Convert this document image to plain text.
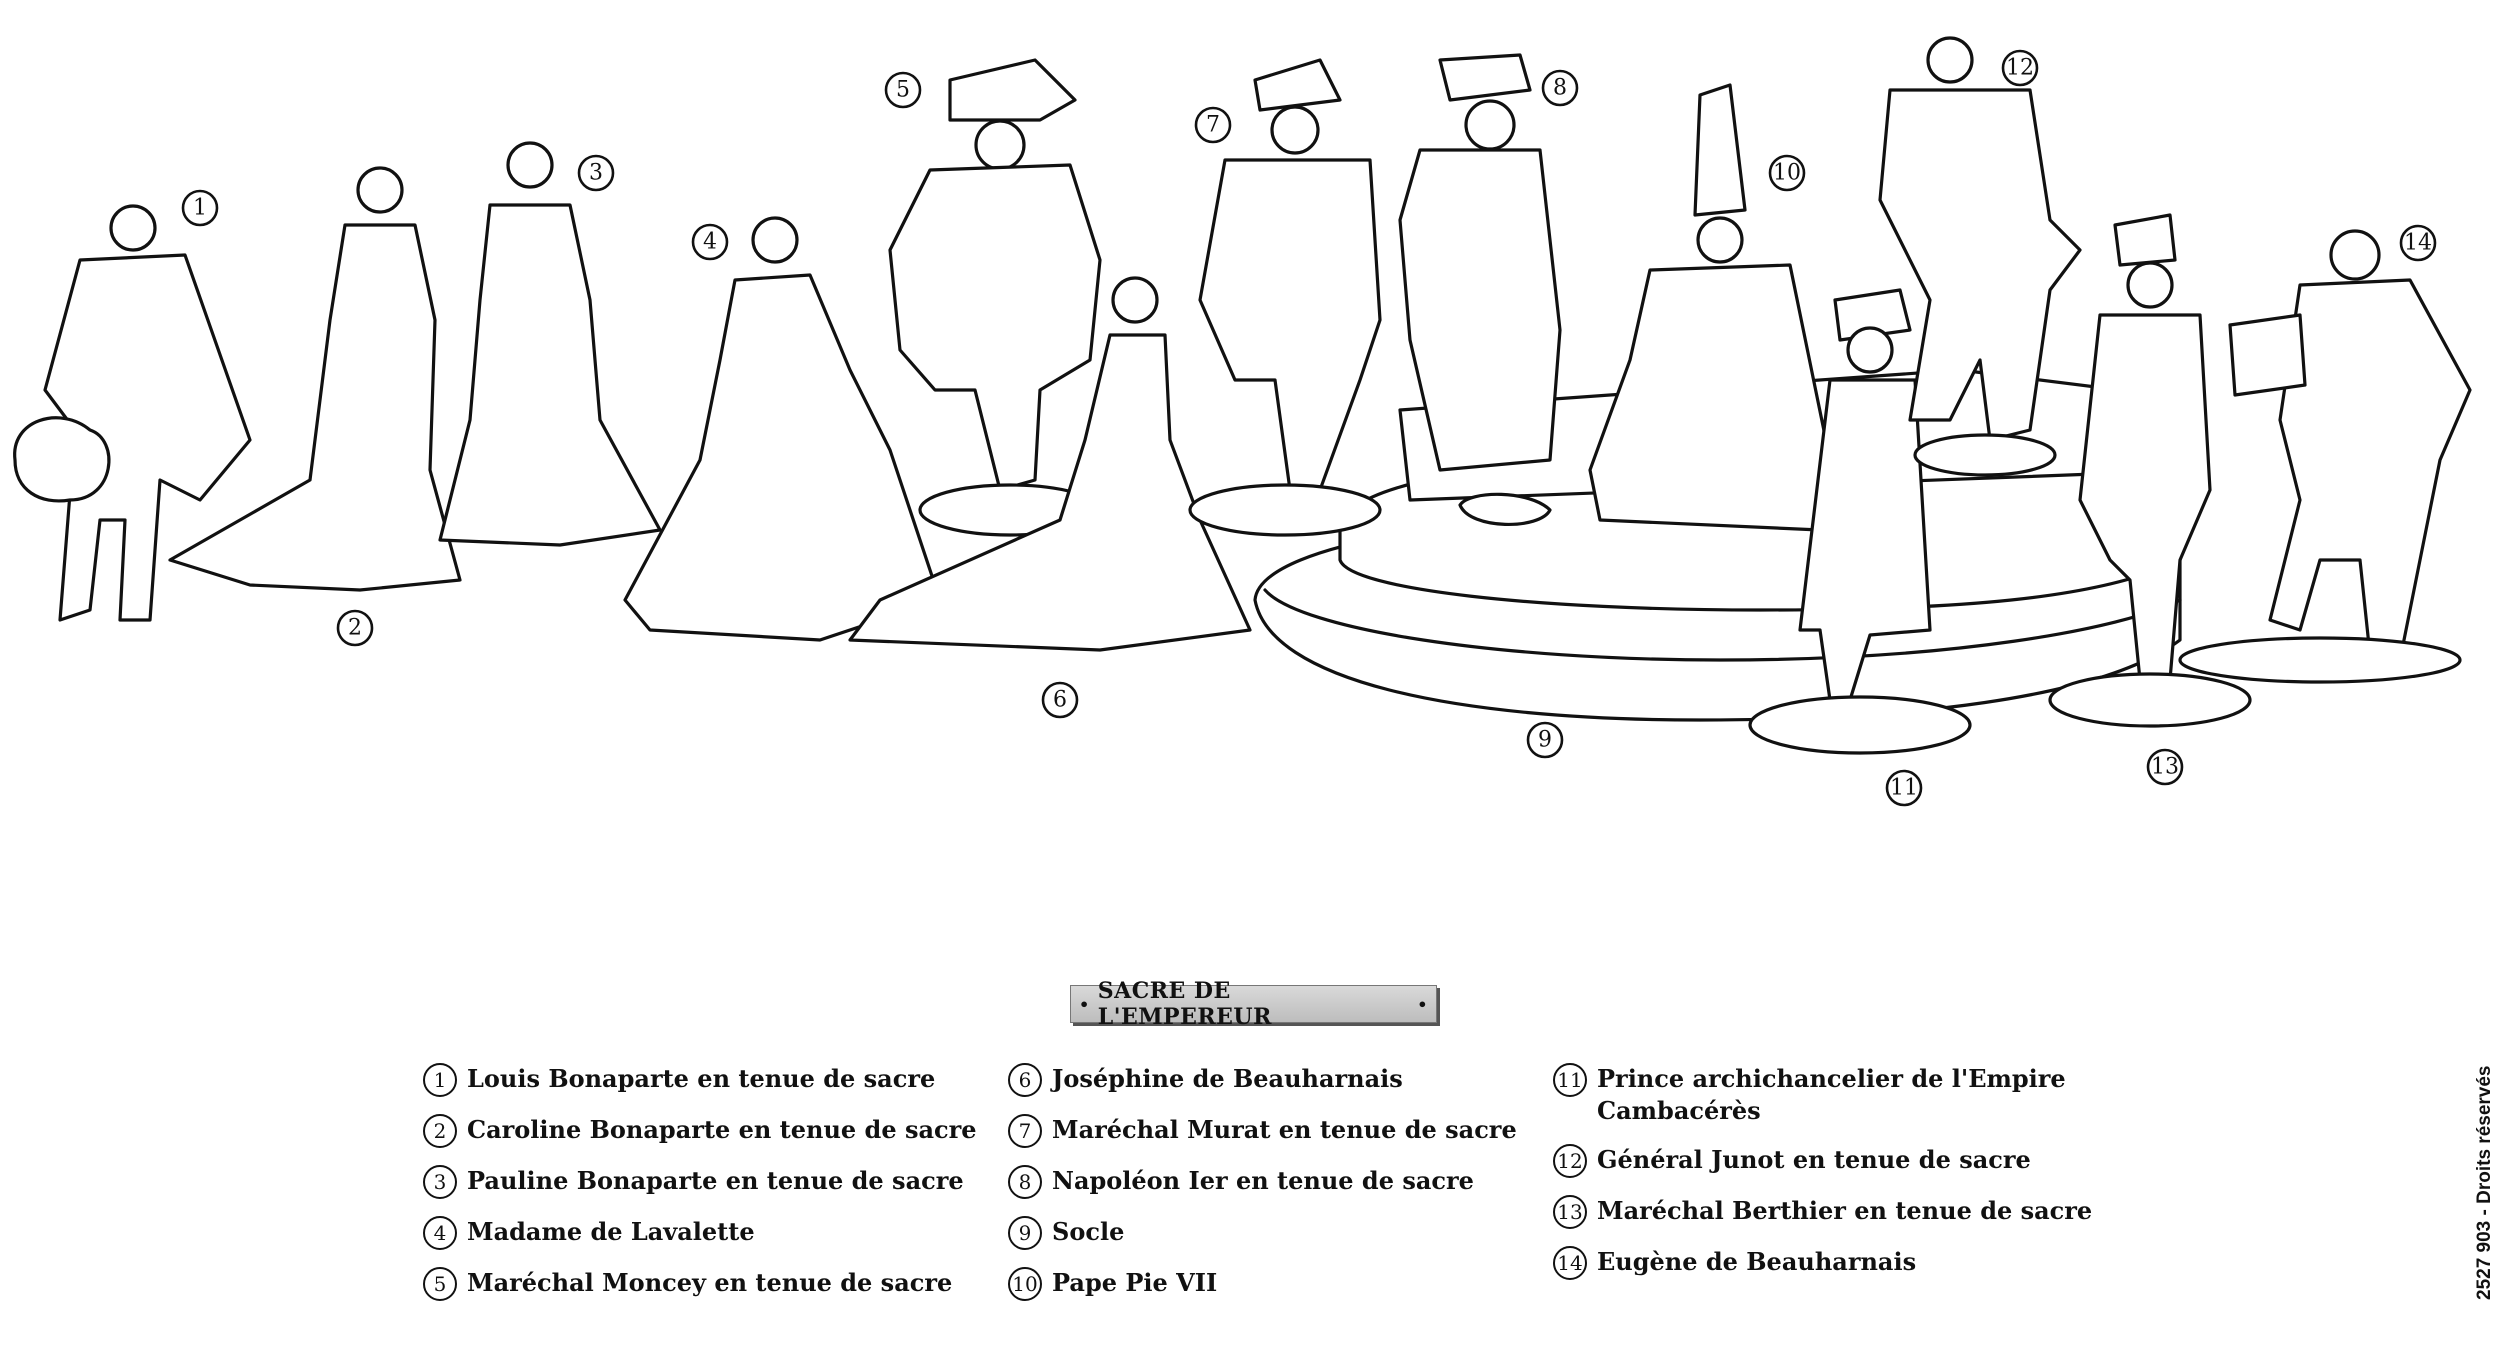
1
2
3
4
5
6
7
8
9
10
11
12
13
14
• SACRE DE L'EMPEREUR	•
1 Louis Bonaparte en tenue de sacre
2 Caroline Bonaparte en tenue de sacre
3 Pauline Bonaparte en tenue de sacre
4 Madame de Lavalette
5 Maréchal Moncey en tenue de sacre
6 Joséphine de Beauharnais
7 Maréchal Murat en tenue de sacre
8 Napoléon Ier en tenue de sacre
9 Socle
10 Pape Pie VII
11 Prince archichancelier de l'Empire
Cambacérès
12 Général Junot en tenue de sacre
13 Maréchal Berthier en tenue de sacre
14 Eugène de Beauharnais	2527 903 - Droits réservés
